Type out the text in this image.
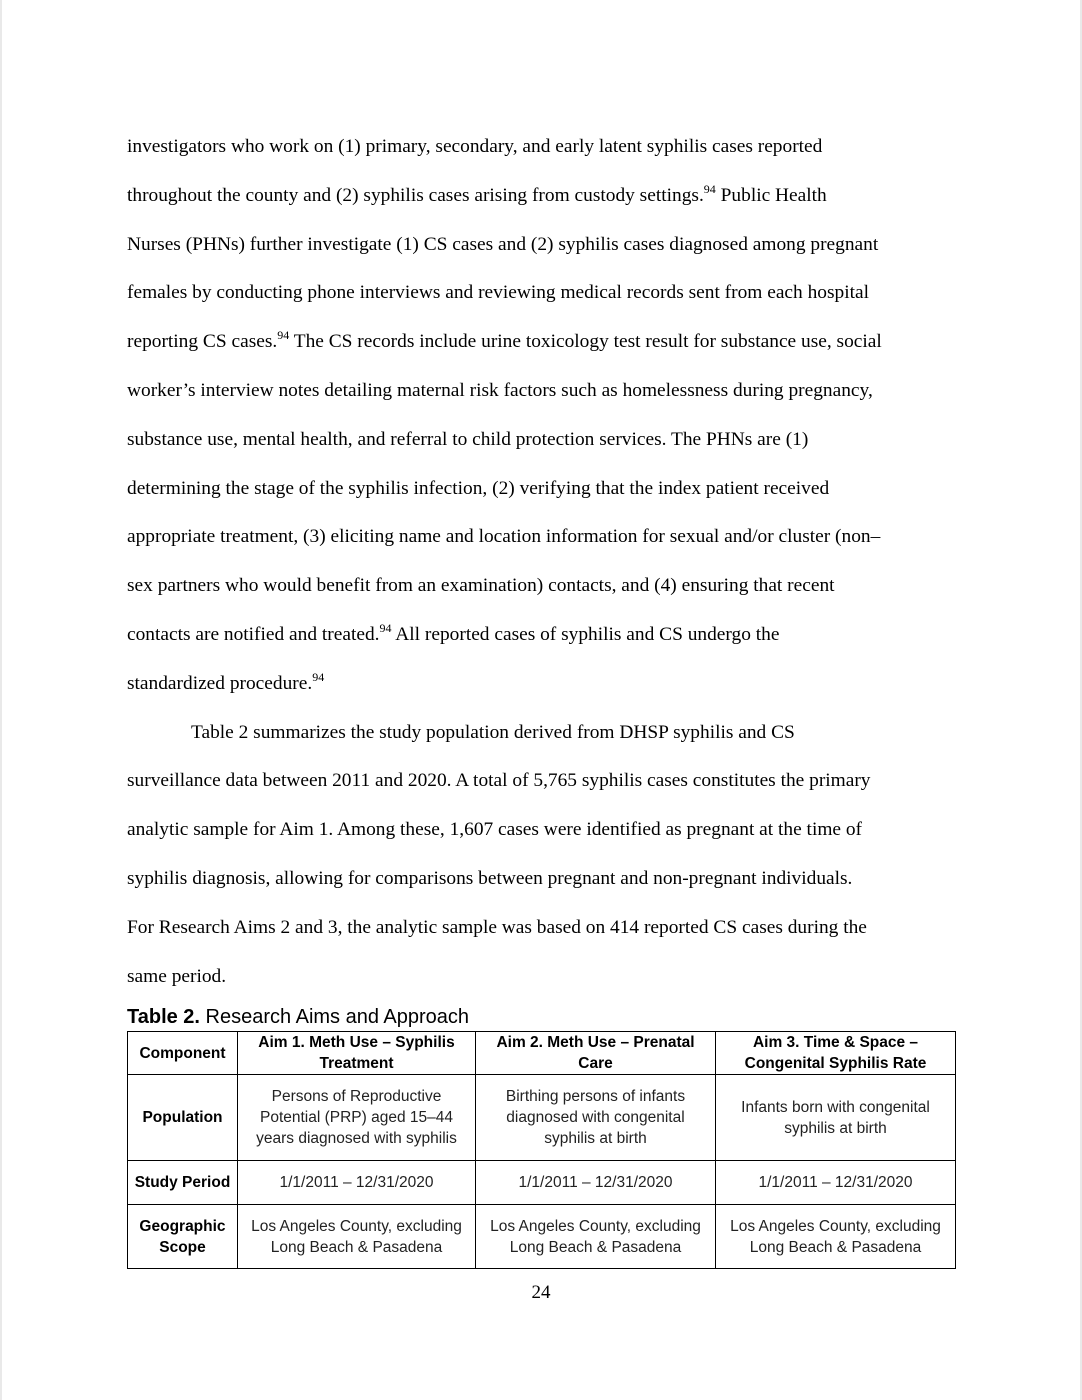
investigators who work on (1) primary, secondary, and early latent syphilis cases reported

throughout the county and (2) syphilis cases arising from custody settings.$^{94}$ Public Health

Nurses (PHNs) further investigate (1) CS cases and (2) syphilis cases diagnosed among pregnant

females by conducting phone interviews and reviewing medical records sent from each hospital

reporting CS cases.$^{94}$ The CS records include urine toxicology test result for substance use, social

worker’s interview notes detailing maternal risk factors such as homelessness during pregnancy,

substance use, mental health, and referral to child protection services. The PHNs are (1)

determining the stage of the syphilis infection, (2) verifying that the index patient received

appropriate treatment, (3) eliciting name and location information for sexual and/or cluster (non–

sex partners who would benefit from an examination) contacts, and (4) ensuring that recent

contacts are notified and treated.$^{94}$ All reported cases of syphilis and CS undergo the

standardized procedure.$^{94}$

Table 2 summarizes the study population derived from DHSP syphilis and CS

surveillance data between 2011 and 2020. A total of 5,765 syphilis cases constitutes the primary

analytic sample for Aim 1. Among these, 1,607 cases were identified as pregnant at the time of

syphilis diagnosis, allowing for comparisons between pregnant and non-pregnant individuals.

For Research Aims 2 and 3, the analytic sample was based on 414 reported CS cases during the

same period.

Table 2. Research Aims and Approach
Component	Aim 1. Meth Use – Syphilis Treatment	Aim 2. Meth Use – Prenatal Care	Aim 3. Time & Space – Congenital Syphilis Rate
Population	Persons of Reproductive Potential (PRP) aged 15–44 years diagnosed with syphilis	Birthing persons of infants diagnosed with congenital syphilis at birth	Infants born with congenital syphilis at birth
Study Period	1/1/2011 – 12/31/2020	1/1/2011 – 12/31/2020	1/1/2011 – 12/31/2020
Geographic Scope	Los Angeles County, excluding Long Beach & Pasadena	Los Angeles County, excluding Long Beach & Pasadena	Los Angeles County, excluding Long Beach & Pasadena
24
